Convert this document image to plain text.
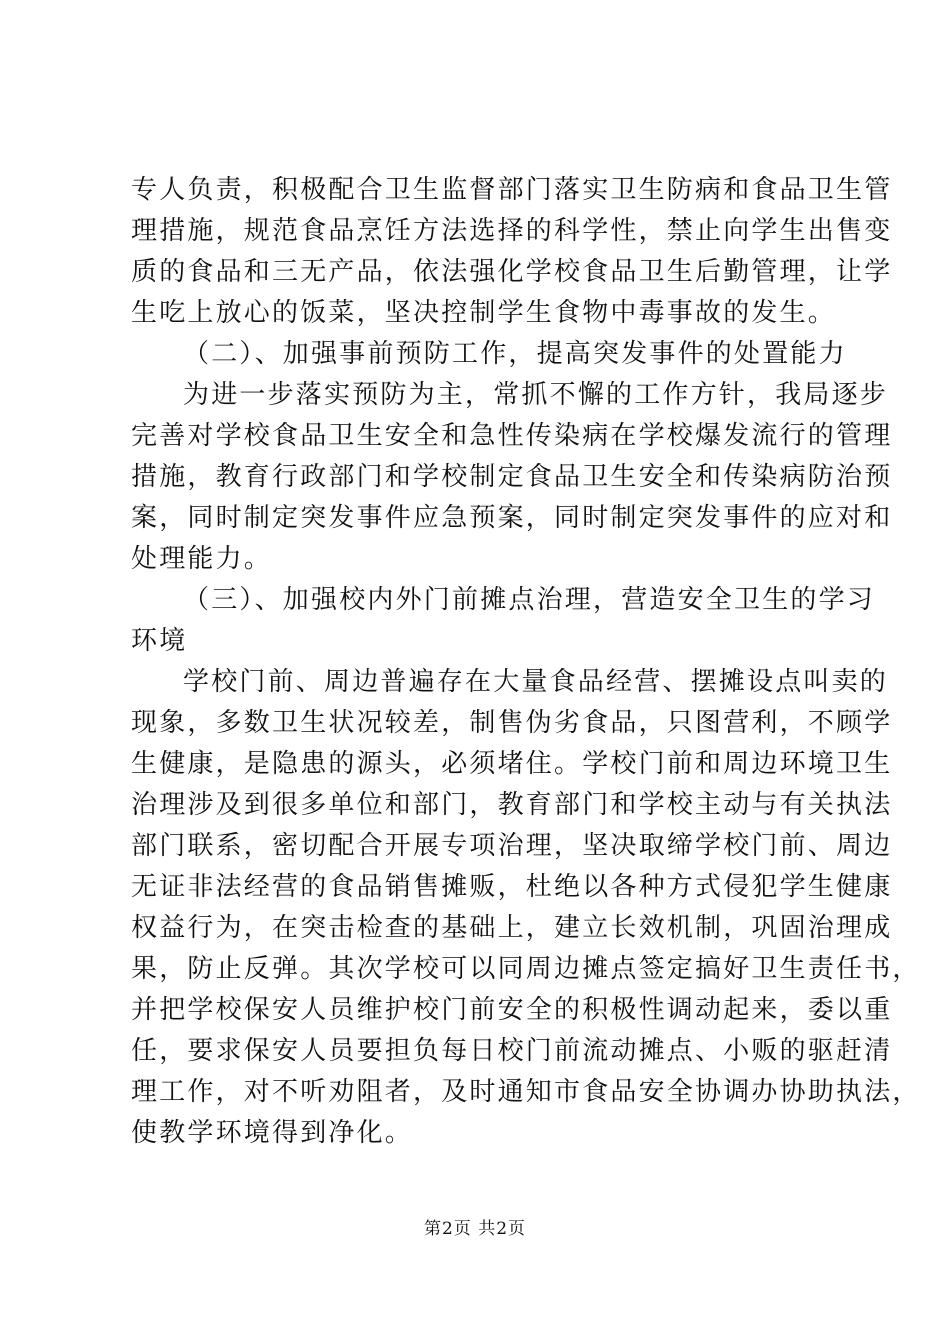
专人负责，积极配合卫生监督部门落实卫生防病和食品卫生管
理措施，规范食品烹饪方法选择的科学性，禁止向学生出售变
质的食品和三无产品，依法强化学校食品卫生后勤管理，让学
生吃上放心的饭菜，坚决控制学生食物中毒事故的发生。
（二）、加强事前预防工作，提高突发事件的处置能力
为进一步落实预防为主，常抓不懈的工作方针，我局逐步
完善对学校食品卫生安全和急性传染病在学校爆发流行的管理
措施，教育行政部门和学校制定食品卫生安全和传染病防治预
案，同时制定突发事件应急预案，同时制定突发事件的应对和
处理能力。
（三）、加强校内外门前摊点治理，营造安全卫生的学习
环境
学校门前、周边普遍存在大量食品经营、摆摊设点叫卖的
现象，多数卫生状况较差，制售伪劣食品，只图营利，不顾学
生健康，是隐患的源头，必须堵住。学校门前和周边环境卫生
治理涉及到很多单位和部门，教育部门和学校主动与有关执法
部门联系，密切配合开展专项治理，坚决取缔学校门前、周边
无证非法经营的食品销售摊贩，杜绝以各种方式侵犯学生健康
权益行为，在突击检查的基础上，建立长效机制，巩固治理成
果，防止反弹。其次学校可以同周边摊点签定搞好卫生责任书，
并把学校保安人员维护校门前安全的积极性调动起来，委以重
任，要求保安人员要担负每日校门前流动摊点、小贩的驱赶清
理工作，对不听劝阻者，及时通知市食品安全协调办协助执法，
使教学环境得到净化。
第2页 共2页
